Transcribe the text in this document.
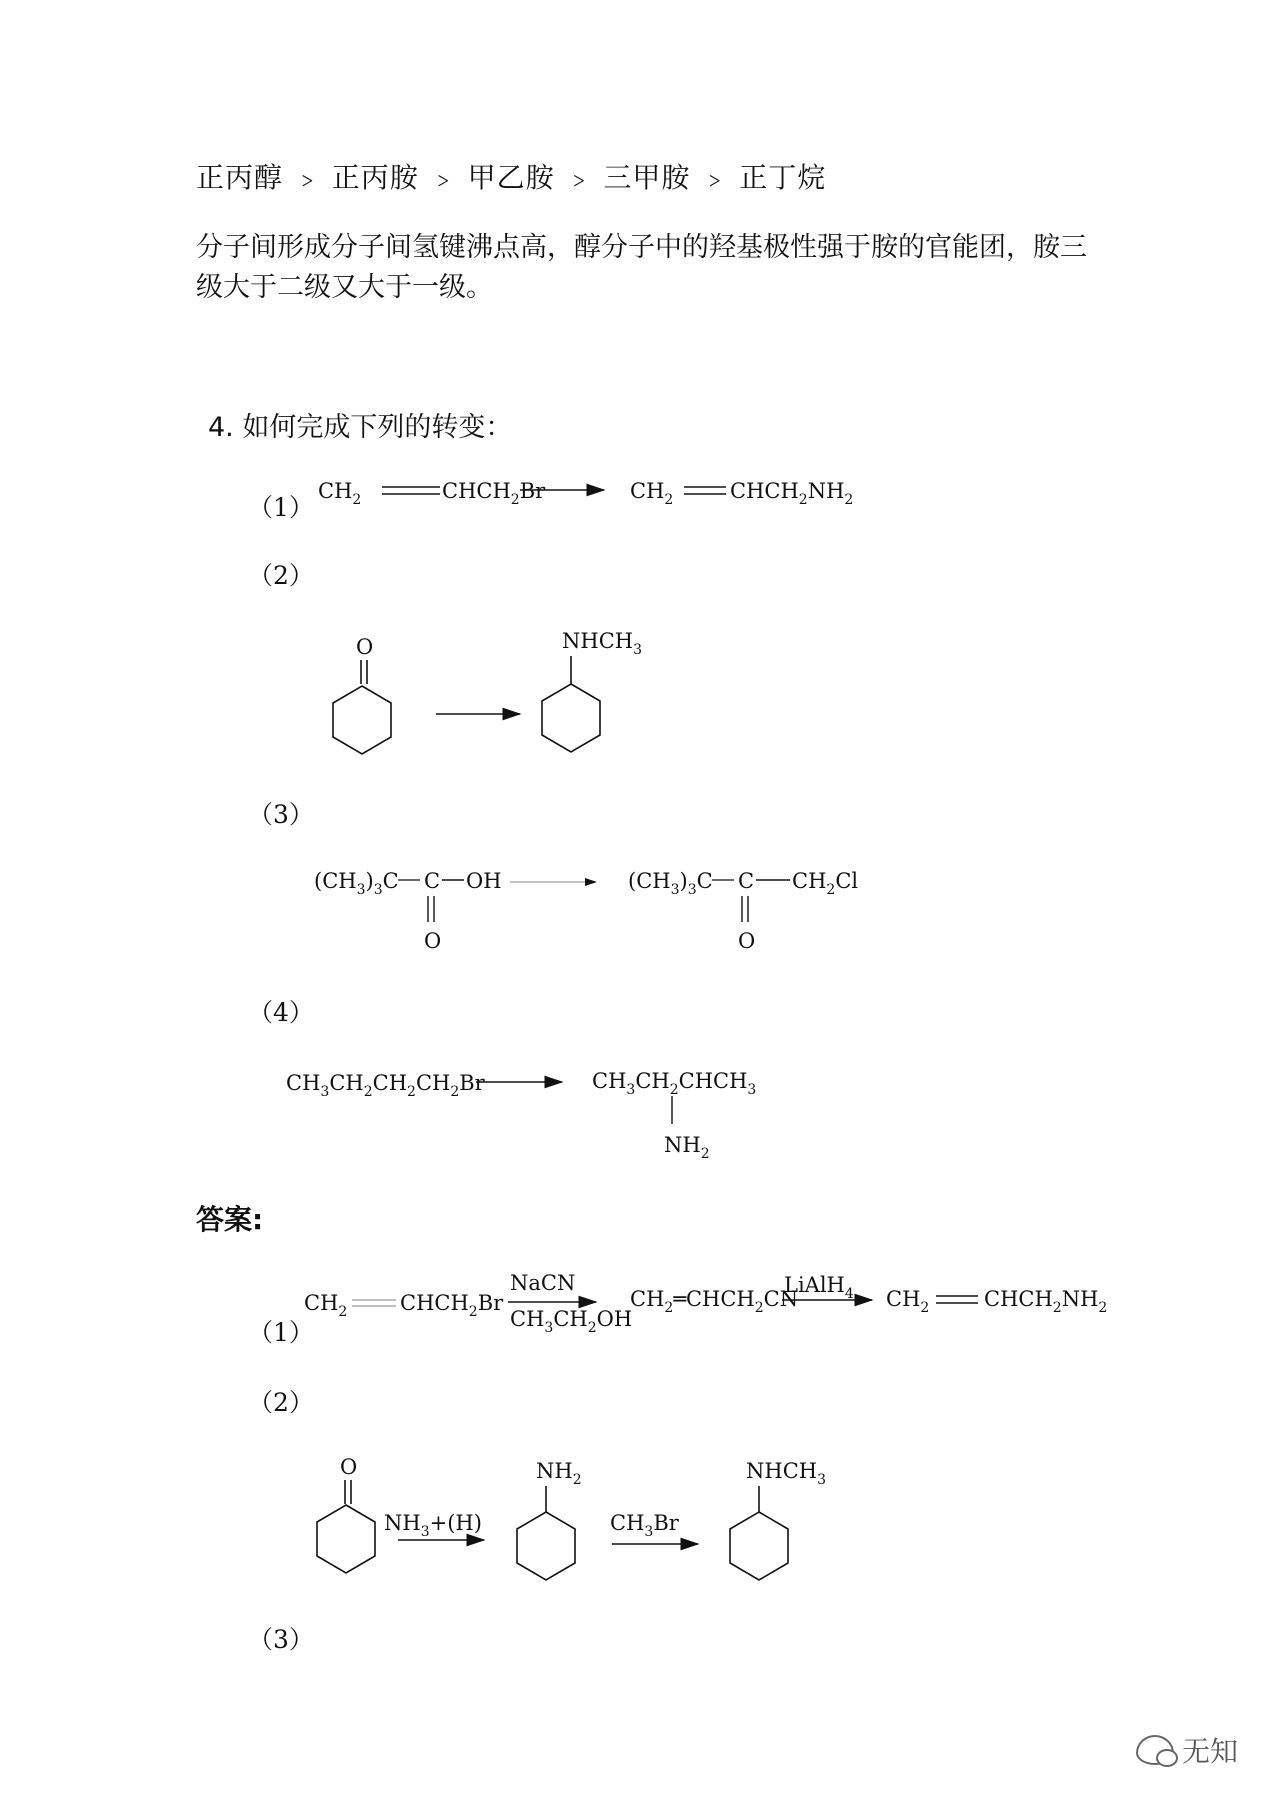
正丙醇 ﹥ 正丙胺 ﹥ 甲乙胺 ﹥ 三甲胺 ﹥ 正丁烷
分子间形成分子间氢键沸点高，醇分子中的羟基极性强于胺的官能团，胺三级大于二级又大于一级。
4. 如何完成下列的转变：
（1）
（2）
（3）
（4）
答案:
（1）
（2）
（3）
$CH_2$	$CHCH_2Br$	$CH_2$	$CHCH_2NH_2$
O	$NHCH_3$
$(CH_3)_3C$ C OH
O
$(CH_3)_3C$ C $CH_2Cl$
O
$CH_3CH_2CH_2CH_2Br$	$CH_3CH_2CHCH_3$
$NH_2$
$CH_2$	$CHCH_2Br$
NaCN
$CH_3CH_2OH$
$CH_2═CHCH_2CN$
LiAlH$_4$ $CH_2$	$CHCH_2NH_2$
O
$NH_3+(H)$
$NH_2$
$CH_3Br$
$NHCH_3$
无知
